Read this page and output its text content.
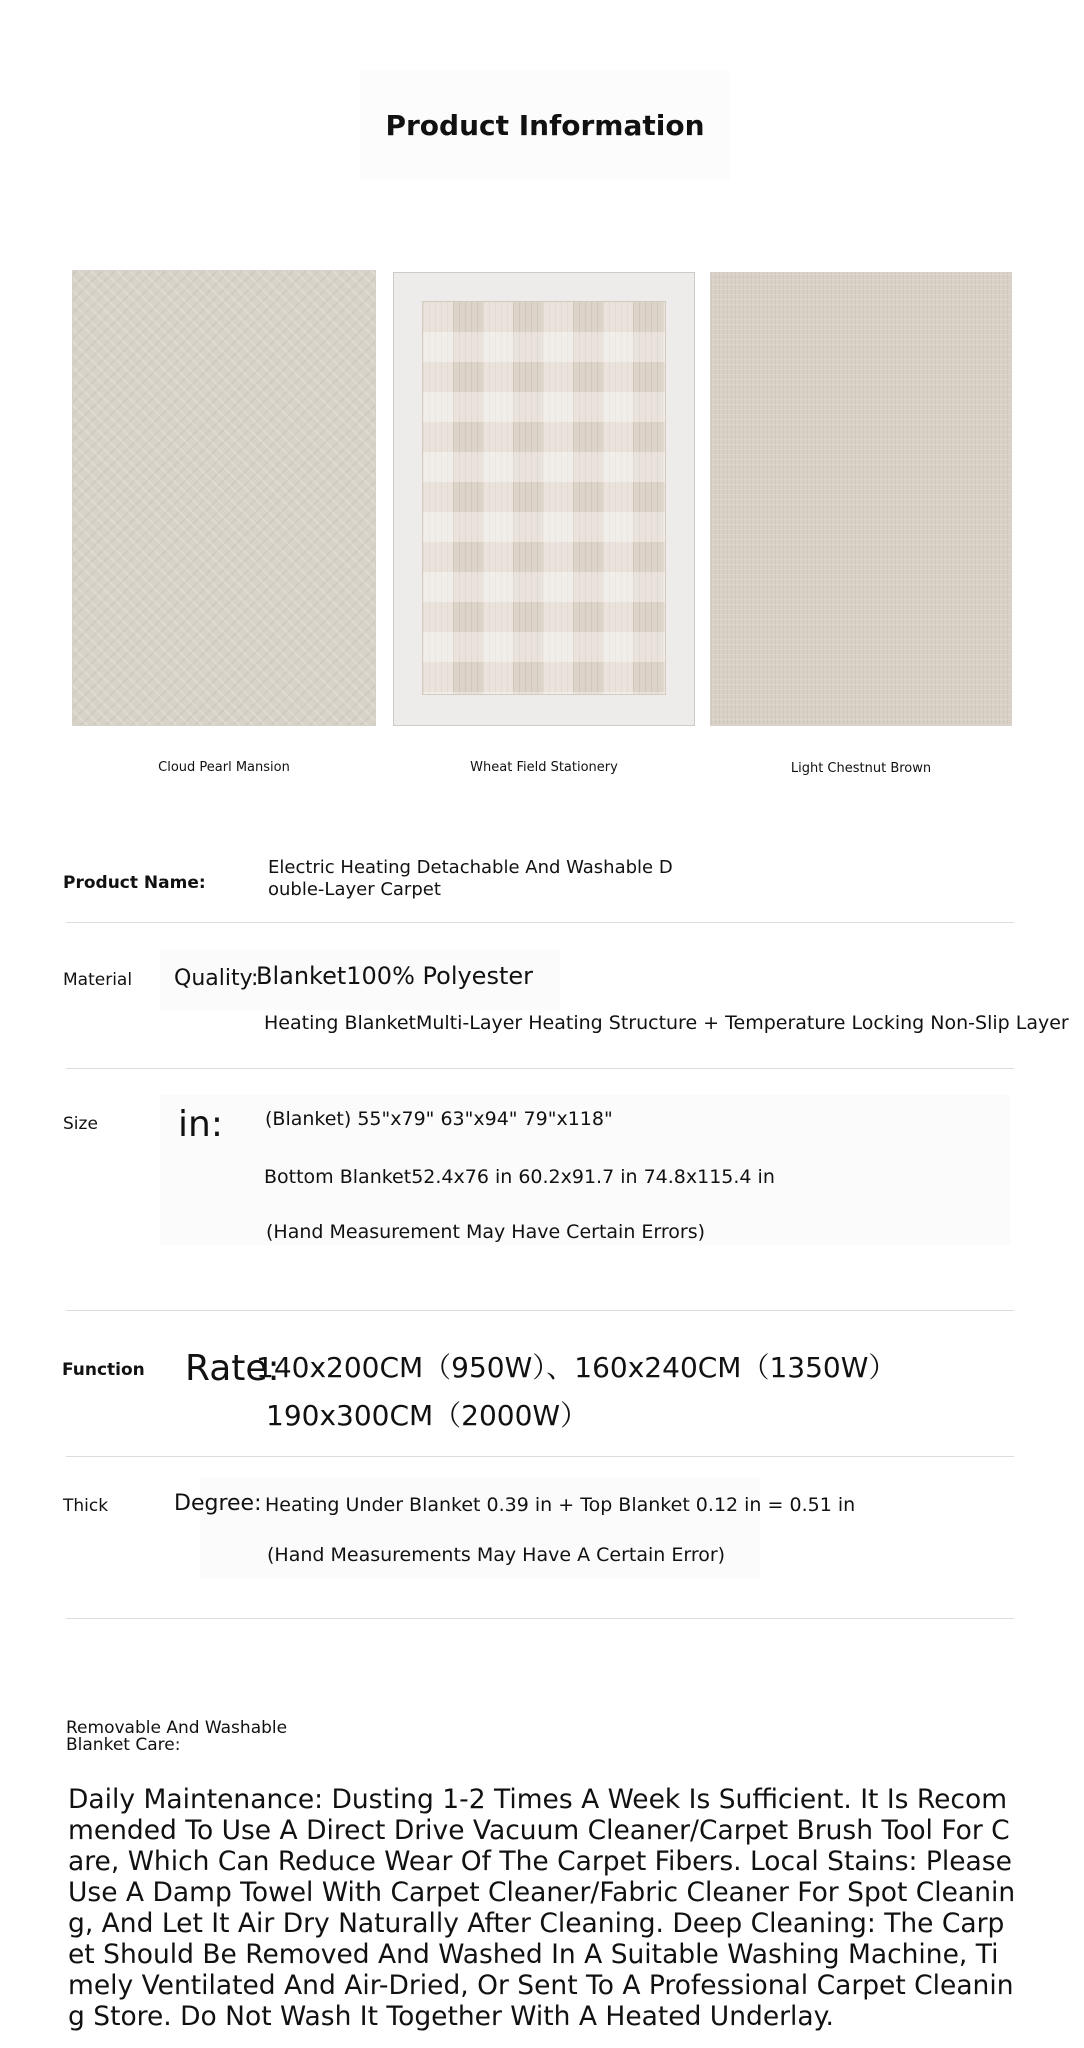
Product Information
Cloud Pearl Mansion	Wheat Field Stationery	Light Chestnut Brown
Product Name:
Electric Heating Detachable And Washable D
ouble-Layer Carpet
Material Quality:
Blanket100% Polyester
Heating BlanketMulti-Layer Heating Structure + Temperature Locking Non-Slip Layer
Size in: (Blanket) 55"x79" 63"x94" 79"x118"
Bottom Blanket52.4x76 in 60.2x91.7 in 74.8x115.4 in
(Hand Measurement May Have Certain Errors)
Function Rate:
140x200CM（950W）、160x240CM（1350W）
190x300CM（2000W）
Thick	Degree: Heating Under Blanket 0.39 in + Top Blanket 0.12 in = 0.51 in
(Hand Measurements May Have A Certain Error)
Removable And Washable
Blanket Care:
Daily Maintenance: Dusting 1-2 Times A Week Is Sufficient. It Is Recommended To Use A Direct Drive Vacuum Cleaner/Carpet Brush Tool For Care, Which Can Reduce Wear Of The Carpet Fibers. Local Stains: Please Use A Damp Towel With Carpet Cleaner/Fabric Cleaner For Spot Cleaning, And Let It Air Dry Naturally After Cleaning. Deep Cleaning: The Carpet Should Be Removed And Washed In A Suitable Washing Machine, Timely Ventilated And Air-Dried, Or Sent To A Professional Carpet Cleaning Store. Do Not Wash It Together With A Heated Underlay.
